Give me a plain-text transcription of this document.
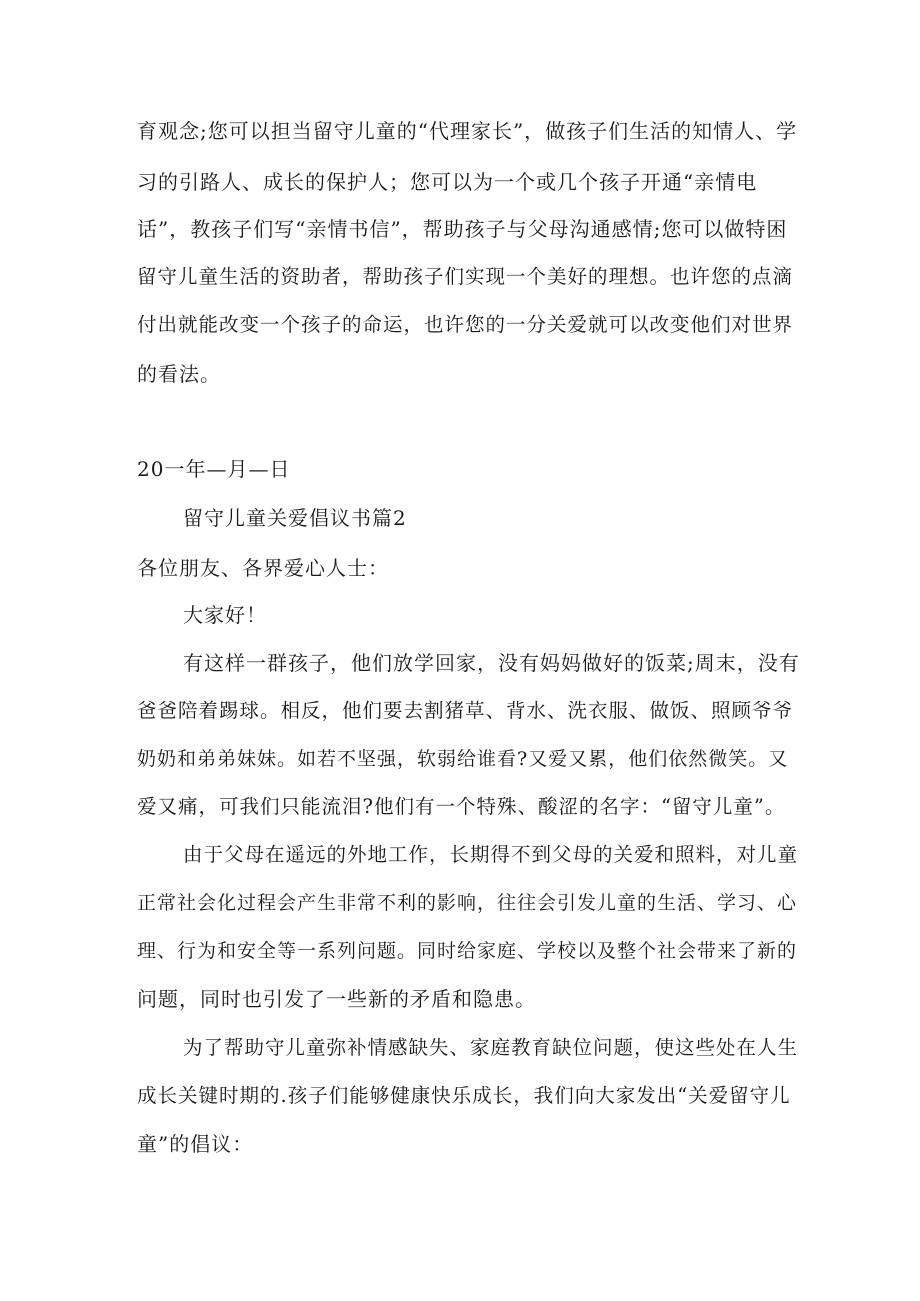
育观念;您可以担当留守儿童的“代理家长”，做孩子们生活的知情人、学
习的引路人、成长的保护人；您可以为一个或几个孩子开通“亲情电
话”，教孩子们写“亲情书信”，帮助孩子与父母沟通感情;您可以做特困
留守儿童生活的资助者，帮助孩子们实现一个美好的理想。也许您的点滴
付出就能改变一个孩子的命运，也许您的一分关爱就可以改变他们对世界
的看法。
20一年—月—日
留守儿童关爱倡议书篇2
各位朋友、各界爱心人士：
大家好！
有这样一群孩子，他们放学回家，没有妈妈做好的饭菜;周末，没有
爸爸陪着踢球。相反，他们要去割猪草、背水、洗衣服、做饭、照顾爷爷
奶奶和弟弟妹妹。如若不坚强，软弱给谁看?又爱又累，他们依然微笑。又
爱又痛，可我们只能流泪?他们有一个特殊、酸涩的名字：“留守儿童”。
由于父母在遥远的外地工作，长期得不到父母的关爱和照料，对儿童
正常社会化过程会产生非常不利的影响，往往会引发儿童的生活、学习、心
理、行为和安全等一系列问题。同时给家庭、学校以及整个社会带来了新的
问题，同时也引发了一些新的矛盾和隐患。
为了帮助守儿童弥补情感缺失、家庭教育缺位问题，使这些处在人生
成长关键时期的.孩子们能够健康快乐成长，我们向大家发出“关爱留守儿
童”的倡议：
